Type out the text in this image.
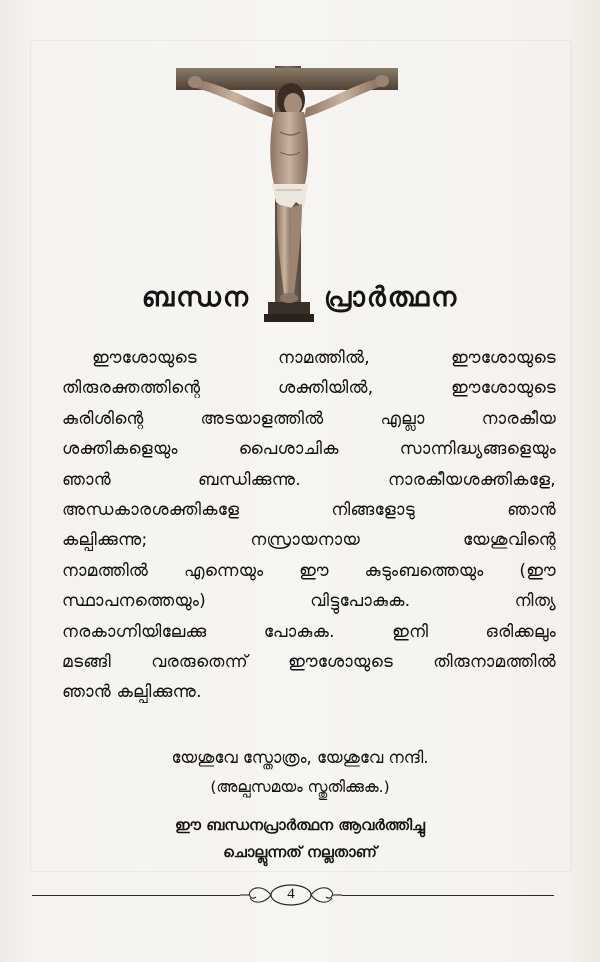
ബന്ധന	പ്രാർത്ഥന
ഈശോയുടെ നാമത്തിൽ, ഈശോയുടെ
തിരുരക്തത്തിന്റെ ശക്തിയിൽ, ഈശോയുടെ
കുരിശിന്റെ അടയാളത്തിൽ എല്ലാ നാരകീയ
ശക്തികളെയും പൈശാചിക സാന്നിദ്ധ്യങ്ങളെയും
ഞാൻ ബന്ധിക്കുന്നു. നാരകീയശക്തികളേ,
അന്ധകാരശക്തികളേ നിങ്ങളോടു ഞാൻ
കല്പിക്കുന്നു; നസ്രായനായ യേശുവിന്റെ
നാമത്തിൽ എന്നെയും ഈ കുടുംബത്തെയും (ഈ
സ്ഥാപനത്തെയും) വിട്ടുപോകുക. നിത്യ
നരകാഗ്നിയിലേക്കു പോകുക. ഇനി ഒരിക്കലും
മടങ്ങി വരരുതെന്ന് ഈശോയുടെ തിരുനാമത്തിൽ
ഞാൻ കല്പിക്കുന്നു.
യേശുവേ സ്തോത്രം, യേശുവേ നന്ദി.
(അല്പസമയം സ്തുതിക്കുക.)
ഈ ബന്ധനപ്രാർത്ഥന ആവർത്തിച്ചു
ചൊല്ലുന്നത് നല്ലതാണ്
4
